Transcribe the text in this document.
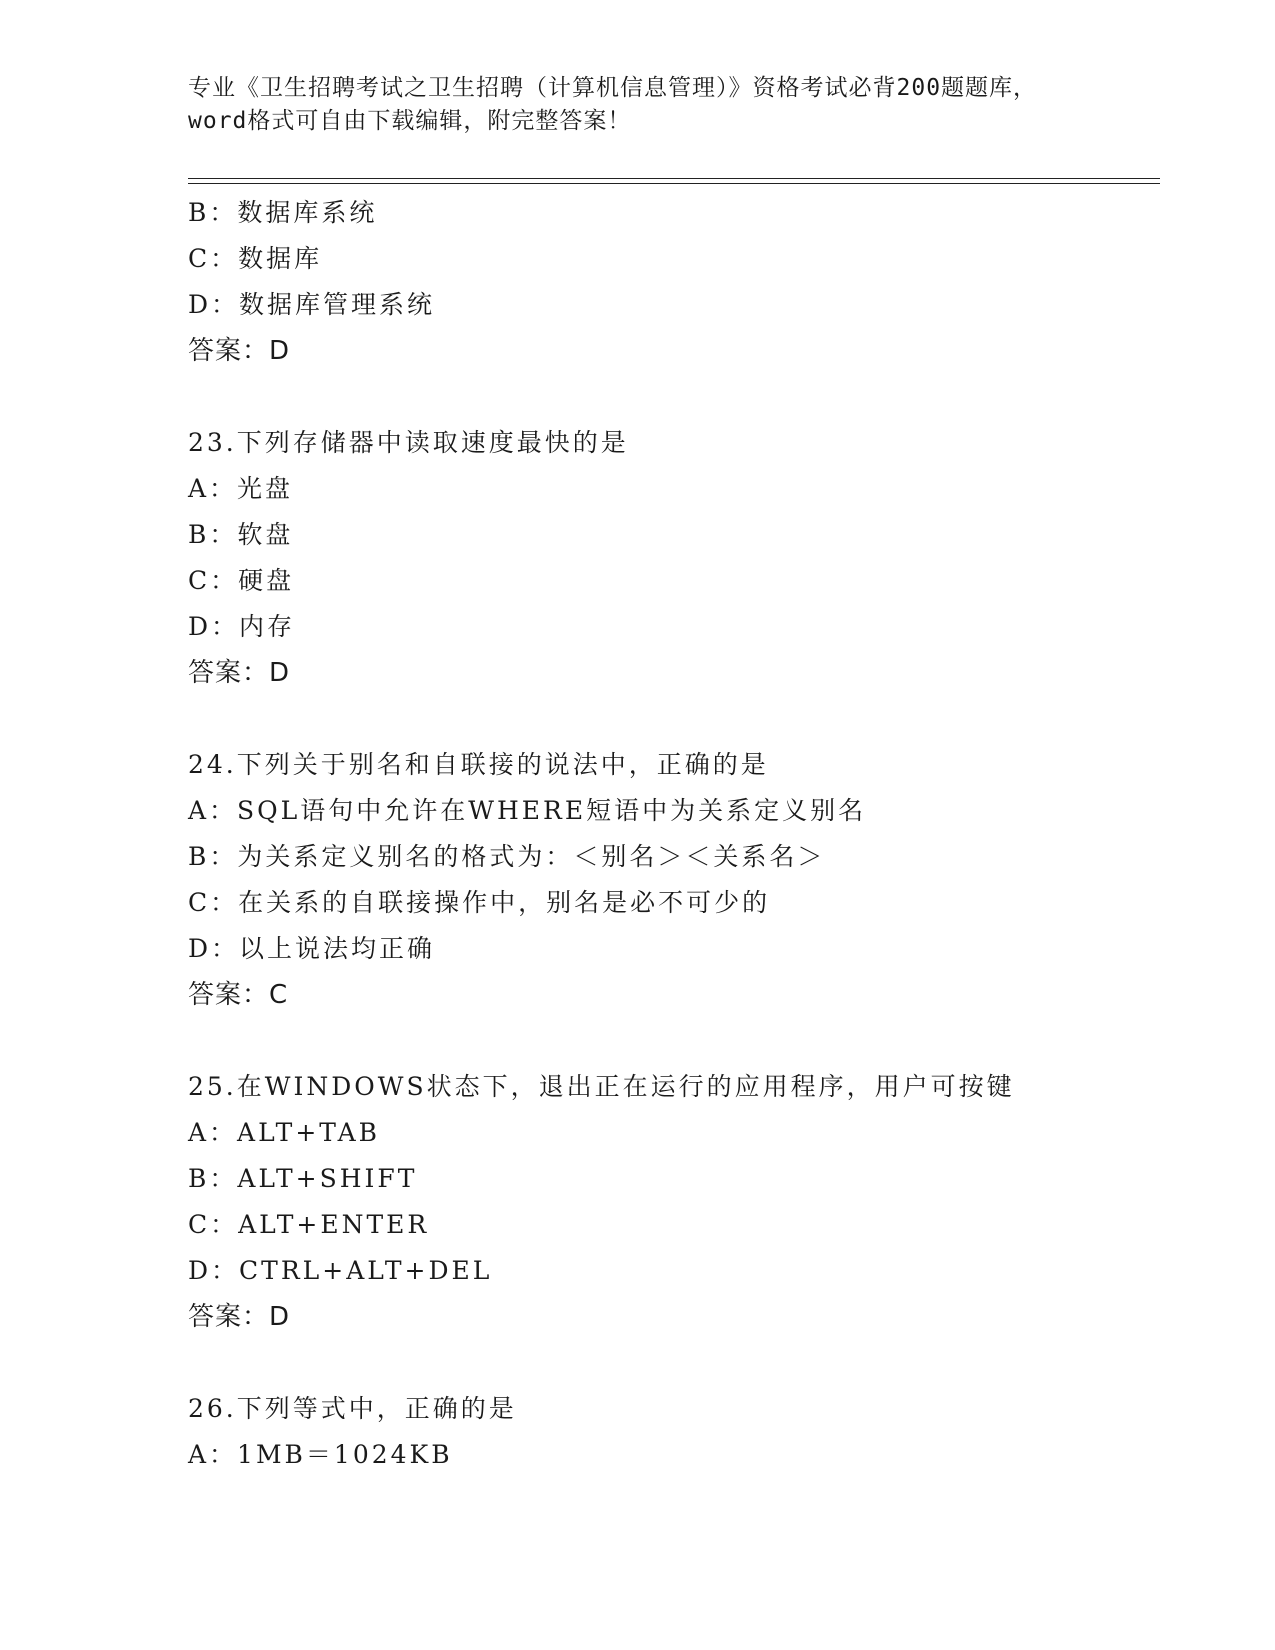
专业《卫生招聘考试之卫生招聘（计算机信息管理）》资格考试必背200题题库，
word格式可自由下载编辑，附完整答案！
B：数据库系统
C：数据库
D：数据库管理系统
答案：D
23.下列存储器中读取速度最快的是
A：光盘
B：软盘
C：硬盘
D：内存
答案：D
24.下列关于别名和自联接的说法中，正确的是
A：SQL语句中允许在WHERE短语中为关系定义别名
B：为关系定义别名的格式为：＜别名＞＜关系名＞
C：在关系的自联接操作中，别名是必不可少的
D：以上说法均正确
答案：C
25.在WINDOWS状态下，退出正在运行的应用程序，用户可按键
A：ALT+TAB
B：ALT+SHIFT
C：ALT+ENTER
D：CTRL+ALT+DEL
答案：D
26.下列等式中，正确的是
A：1MB＝1024KB
